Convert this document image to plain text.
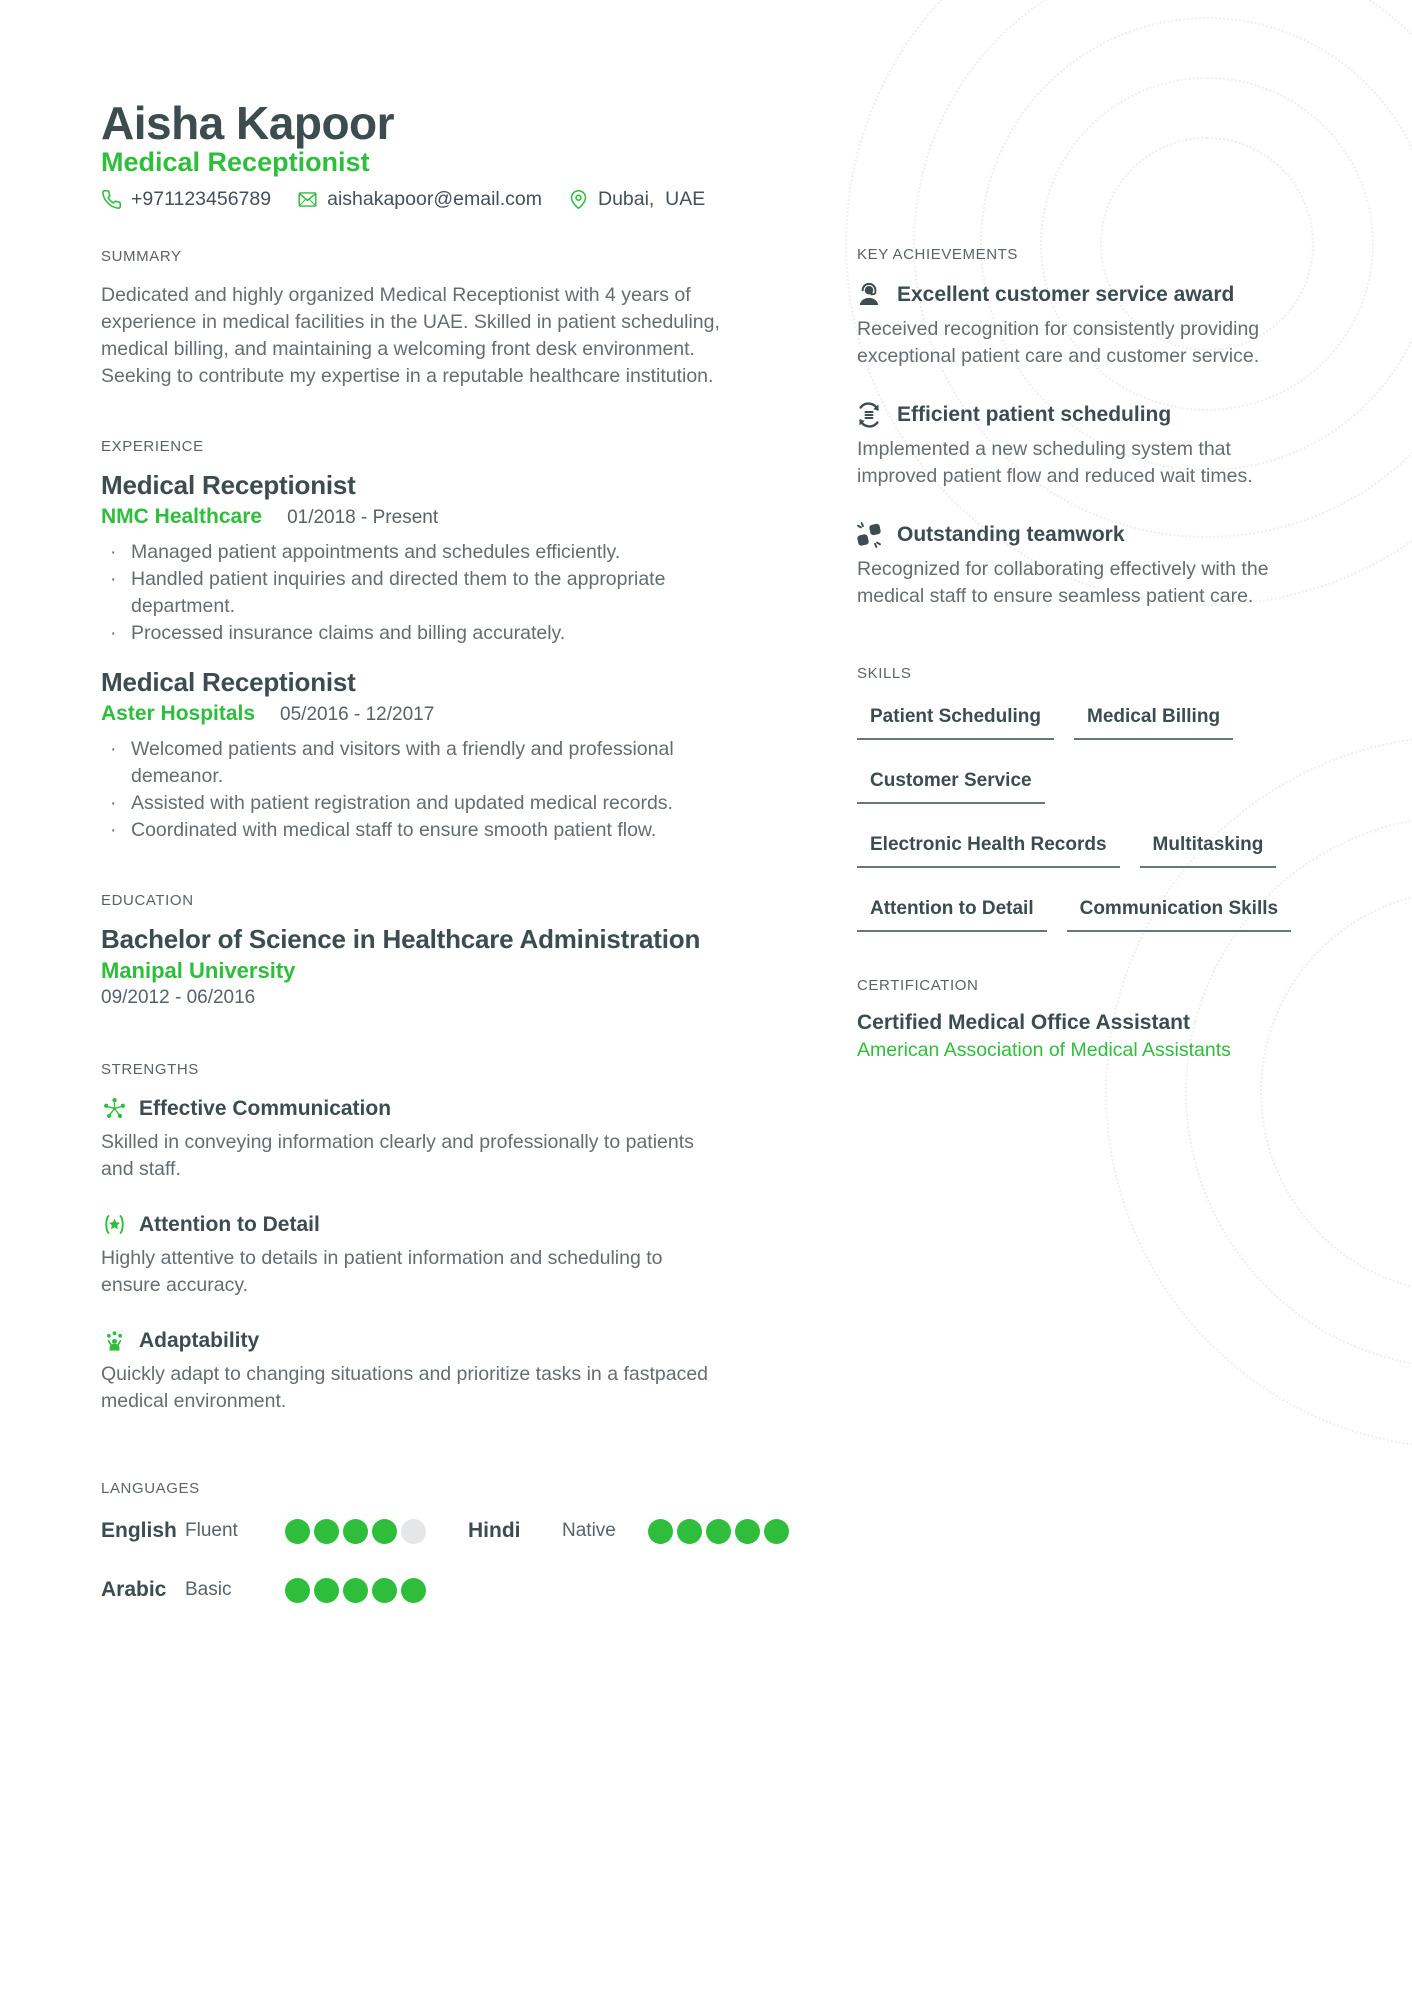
Aisha Kapoor
Medical Receptionist
+971123456789	aishakapoor@email.com	Dubai,  UAE

SUMMARY

Dedicated and highly organized Medical Receptionist with 4 years of experience in medical facilities in the UAE. Skilled in patient scheduling, medical billing, and maintaining a welcoming front desk environment. Seeking to contribute my expertise in a reputable healthcare institution.

EXPERIENCE

Medical Receptionist

NMC Healthcare 01/2018 - Present
· Managed patient appointments and schedules efficiently.
· Handled patient inquiries and directed them to the appropriate department.
· Processed insurance claims and billing accurately.

Medical Receptionist

Aster Hospitals 05/2016 - 12/2017
· Welcomed patients and visitors with a friendly and professional demeanor.
· Assisted with patient registration and updated medical records.
· Coordinated with medical staff to ensure smooth patient flow.

EDUCATION

Bachelor of Science in Healthcare Administration

Manipal University
09/2012 - 06/2016

STRENGTHS

Effective Communication

Skilled in conveying information clearly and professionally to patients and staff.

Attention to Detail

Highly attentive to details in patient information and scheduling to ensure accuracy.

Adaptability

Quickly adapt to changing situations and prioritize tasks in a fastpaced medical environment.

LANGUAGES

English Fluent	Hindi	Native
Arabic Basic

KEY ACHIEVEMENTS

Excellent customer service award

Received recognition for consistently providing exceptional patient care and customer service.

Efficient patient scheduling

Implemented a new scheduling system that improved patient flow and reduced wait times.

Outstanding teamwork

Recognized for collaborating effectively with the medical staff to ensure seamless patient care.

SKILLS

Patient Scheduling	Medical Billing
Customer Service
Electronic Health Records	Multitasking
Attention to Detail	Communication Skills

CERTIFICATION

Certified Medical Office Assistant
American Association of Medical Assistants
